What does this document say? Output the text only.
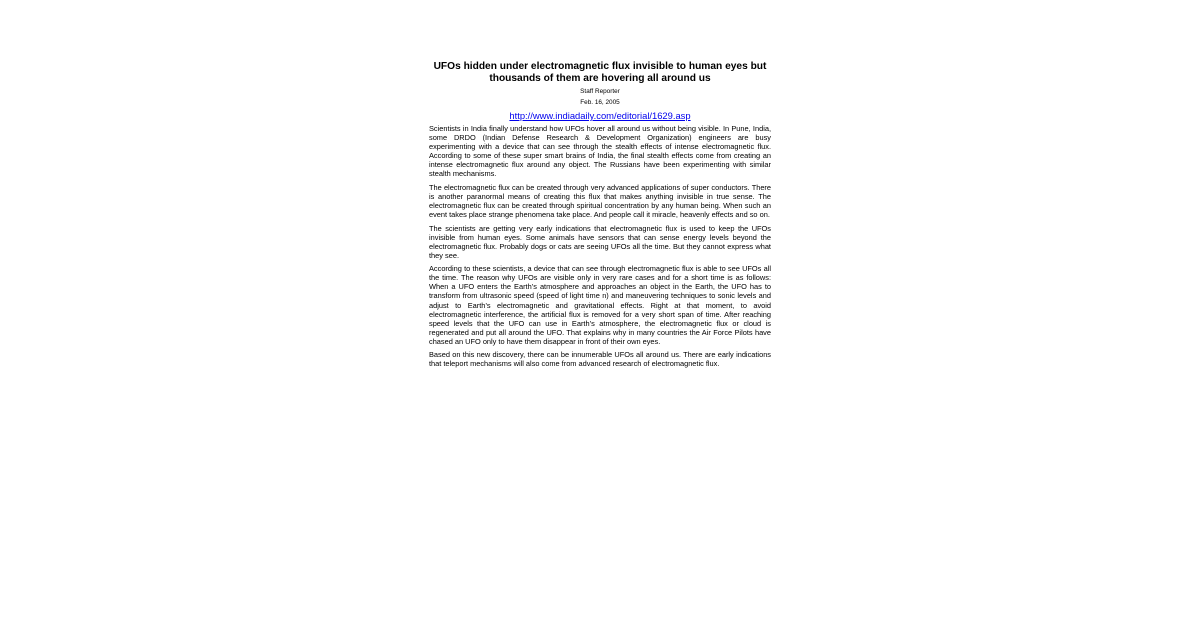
UFOs hidden under electromagnetic flux invisible to human eyes but thousands of them are hovering all around us

Staff Reporter

Feb. 16, 2005

http://www.indiadaily.com/editorial/1629.asp

Scientists in India finally understand how UFOs hover all around us without being visible. In Pune, India, some DRDO (Indian Defense Research & Development Organization) engineers are busy experimenting with a device that can see through the stealth effects of intense electromagnetic flux. According to some of these super smart brains of India, the final stealth effects come from creating an intense electromagnetic flux around any object. The Russians have been experimenting with similar stealth mechanisms.

The electromagnetic flux can be created through very advanced applications of super conductors. There is another paranormal means of creating this flux that makes anything invisible in true sense. The electromagnetic flux can be created through spiritual concentration by any human being. When such an event takes place strange phenomena take place. And people call it miracle, heavenly effects and so on.

The scientists are getting very early indications that electromagnetic flux is used to keep the UFOs invisible from human eyes. Some animals have sensors that can sense energy levels beyond the electromagnetic flux. Probably dogs or cats are seeing UFOs all the time. But they cannot express what they see.

According to these scientists, a device that can see through electromagnetic flux is able to see UFOs all the time. The reason why UFOs are visible only in very rare cases and for a short time is as follows: When a UFO enters the Earth’s atmosphere and approaches an object in the Earth, the UFO has to transform from ultrasonic speed (speed of light time n) and maneuvering techniques to sonic levels and adjust to Earth’s electromagnetic and gravitational effects. Right at that moment, to avoid electromagnetic interference, the artificial flux is removed for a very short span of time. After reaching speed levels that the UFO can use in Earth’s atmosphere, the electromagnetic flux or cloud is regenerated and put all around the UFO. That explains why in many countries the Air Force Pilots have chased an UFO only to have them disappear in front of their own eyes.

Based on this new discovery, there can be innumerable UFOs all around us. There are early indications that teleport mechanisms will also come from advanced research of electromagnetic flux.
